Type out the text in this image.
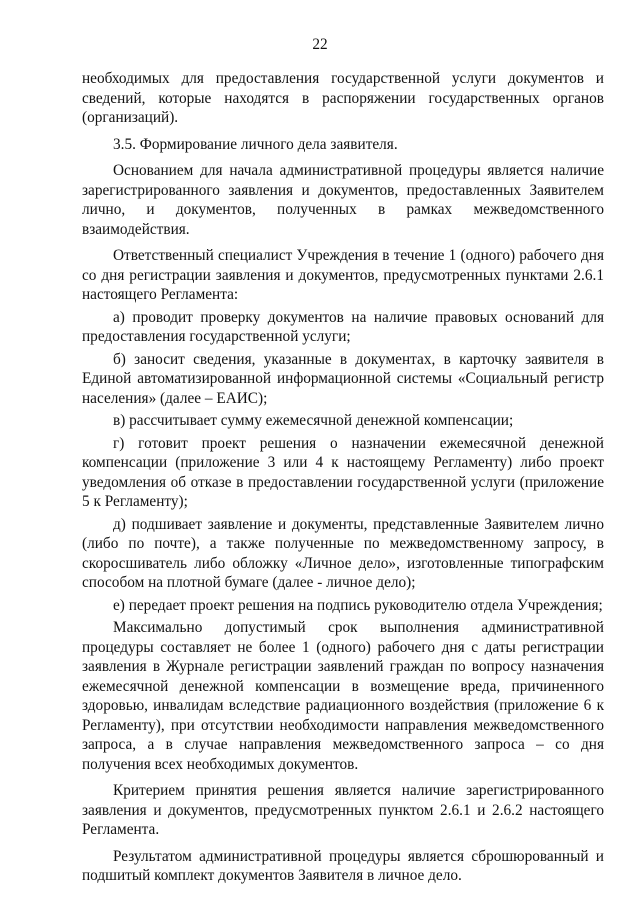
22

необходимых для предоставления государственной услуги документов и сведений, которые находятся в распоряжении государственных органов (организаций).

3.5. Формирование личного дела заявителя.

Основанием для начала административной процедуры является наличие зарегистрированного заявления и документов, предоставленных Заявителем лично, и документов, полученных в рамках межведомственного взаимодействия.

Ответственный специалист Учреждения в течение 1 (одного) рабочего дня со дня регистрации заявления и документов, предусмотренных пунктами 2.6.1 настоящего Регламента:

а) проводит проверку документов на наличие правовых оснований для предоставления государственной услуги;

б) заносит сведения, указанные в документах, в карточку заявителя в Единой автоматизированной информационной системы «Социальный регистр населения» (далее – ЕАИС);

в) рассчитывает сумму ежемесячной денежной компенсации;

г) готовит проект решения о назначении ежемесячной денежной компенсации (приложение 3 или 4 к настоящему Регламенту) либо проект уведомления об отказе в предоставлении государственной услуги (приложение 5 к Регламенту);

д) подшивает заявление и документы, представленные Заявителем лично (либо по почте), а также полученные по межведомственному запросу, в скоросшиватель либо обложку «Личное дело», изготовленные типографским способом на плотной бумаге (далее - личное дело);

е) передает проект решения на подпись руководителю отдела Учреждения;

Максимально допустимый срок выполнения административной процедуры составляет не более 1 (одного) рабочего дня с даты регистрации заявления в Журнале регистрации заявлений граждан по вопросу назначения ежемесячной денежной компенсации в возмещение вреда, причиненного здоровью, инвалидам вследствие радиационного воздействия (приложение 6 к Регламенту), при отсутствии необходимости направления межведомственного запроса, а в случае направления межведомственного запроса – со дня получения всех необходимых документов.

Критерием принятия решения является наличие зарегистрированного заявления и документов, предусмотренных пунктом 2.6.1 и 2.6.2 настоящего Регламента.

Результатом административной процедуры является сброшюрованный и подшитый комплект документов Заявителя в личное дело.
